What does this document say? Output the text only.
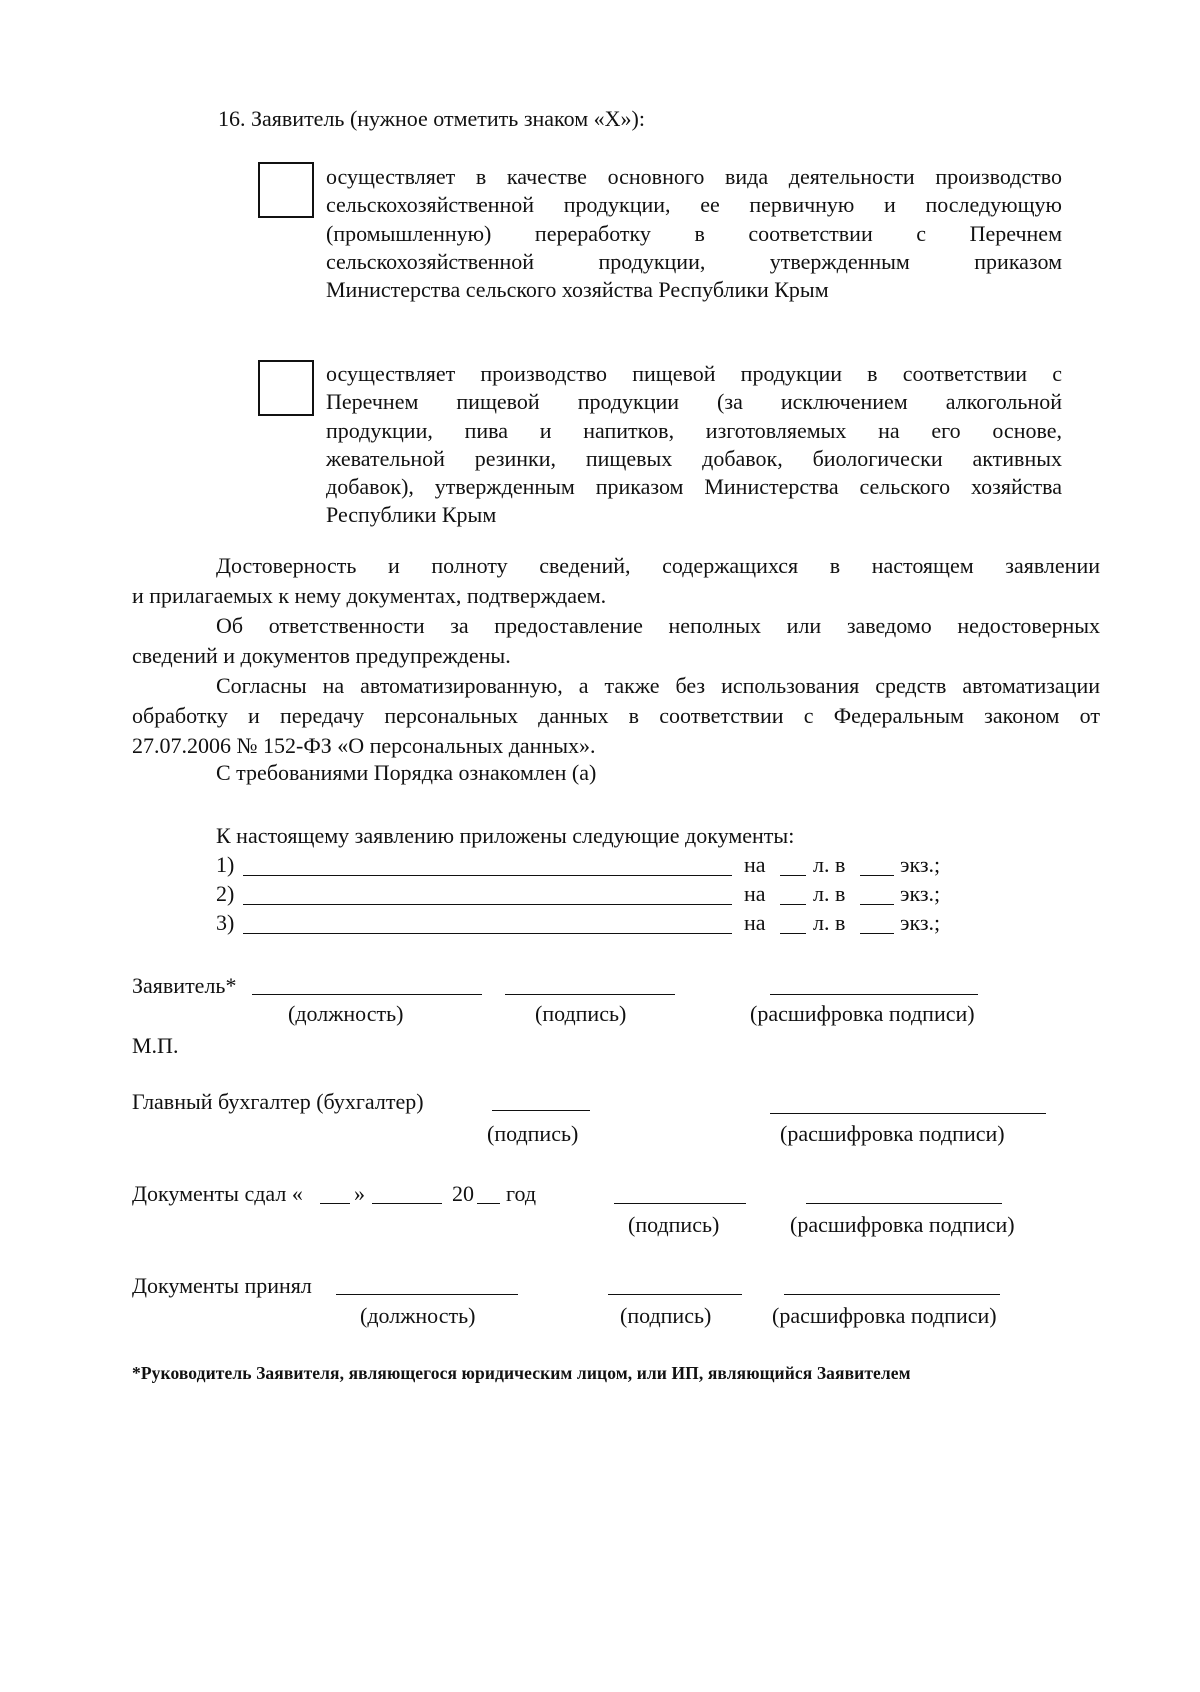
16. Заявитель (нужное отметить знаком «Х»):
осуществляет в качестве основного вида деятельности производство
сельскохозяйственной продукции, ее первичную и последующую
(промышленную) переработку в соответствии с Перечнем
сельскохозяйственной продукции, утвержденным приказом
Министерства сельского хозяйства Республики Крым
осуществляет производство пищевой продукции в соответствии с
Перечнем пищевой продукции (за исключением алкогольной
продукции, пива и напитков, изготовляемых на его основе,
жевательной резинки, пищевых добавок, биологически активных
добавок), утвержденным приказом Министерства сельского хозяйства
Республики Крым
Достоверность и полноту сведений, содержащихся в настоящем заявлении
и прилагаемых к нему документах, подтверждаем.
Об ответственности за предоставление неполных или заведомо недостоверных
сведений и документов предупреждены.
Согласны на автоматизированную, а также без использования средств автоматизации
обработку и передачу персональных данных в соответствии с Федеральным законом от
27.07.2006 № 152-ФЗ «О персональных данных».
С требованиями Порядка ознакомлен (а)
К настоящему заявлению приложены следующие документы:
1)	на л. в экз.;
2)	на л. в экз.;
3)	на л. в экз.;
Заявитель*
(должность)	(подпись)	(расшифровка подписи)
М.П.
Главный бухгалтер (бухгалтер)
(подпись)	(расшифровка подписи)
Документы сдал « »	20 год
(подпись)	(расшифровка подписи)
Документы принял
(должность)	(подпись)	(расшифровка подписи)
*Руководитель Заявителя, являющегося юридическим лицом, или ИП, являющийся Заявителем
